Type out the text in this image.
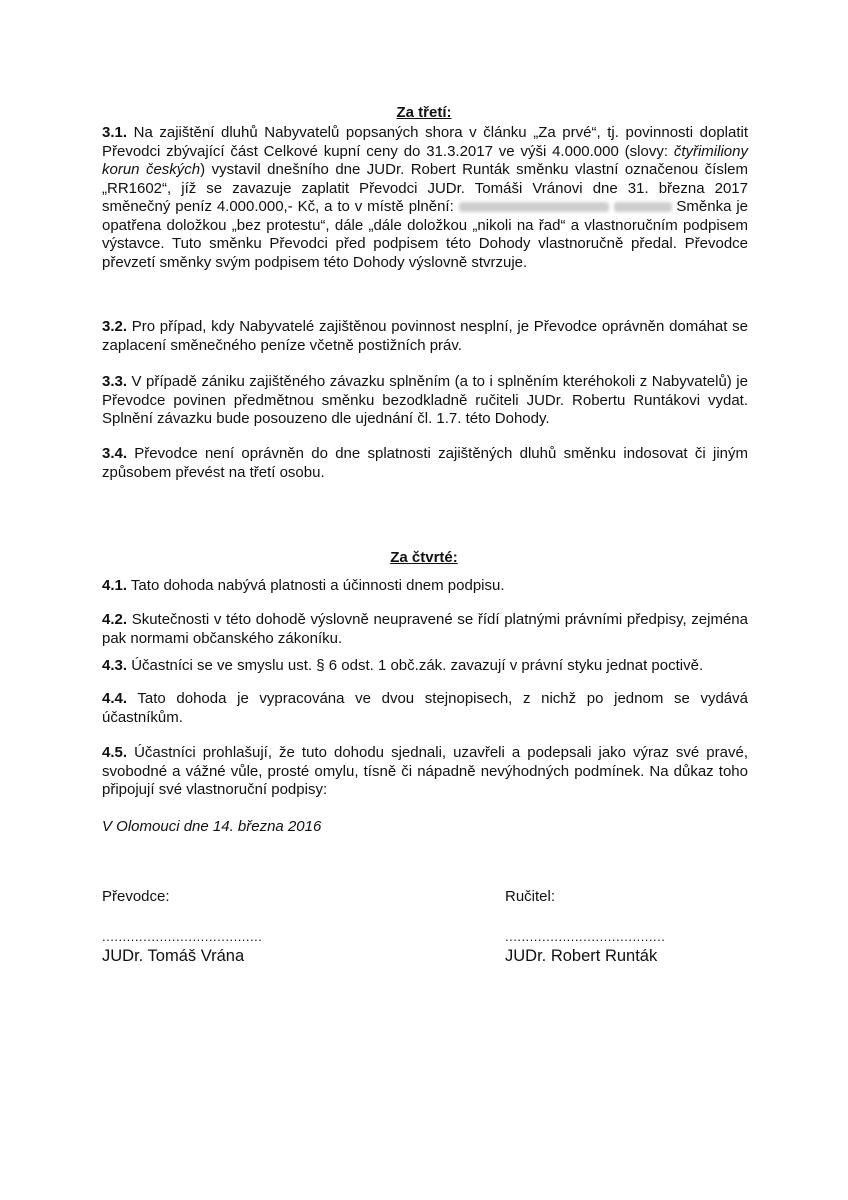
Za třetí:

3.1. Na zajištění dluhů Nabyvatelů popsaných shora v článku „Za prvé“, tj. povinnosti doplatit Převodci zbývající část Celkové kupní ceny do 31.3.2017 ve výši 4.000.000 (slovy: čtyřimiliony korun českých) vystavil dnešního dne JUDr. Robert Runták směnku vlastní označenou číslem „RR1602“, jíž se zavazuje zaplatit Převodci JUDr. Tomáši Vránovi dne 31. března 2017 směnečný peníz 4.000.000,- Kč, a to v místě plnění:	Směnka je opatřena doložkou „bez protestu“, dále „dále doložkou „nikoli na řad“ a vlastnoručním podpisem výstavce. Tuto směnku Převodci před podpisem této Dohody vlastnoručně předal. Převodce převzetí směnky svým podpisem této Dohody výslovně stvrzuje.

3.2. Pro případ, kdy Nabyvatelé zajištěnou povinnost nesplní, je Převodce oprávněn domáhat se zaplacení směnečného peníze včetně postižních práv.

3.3. V případě zániku zajištěného závazku splněním (a to i splněním kteréhokoli z Nabyvatelů) je Převodce povinen předmětnou směnku bezodkladně ručiteli JUDr. Robertu Runtákovi vydat. Splnění závazku bude posouzeno dle ujednání čl. 1.7. této Dohody.

3.4. Převodce není oprávněn do dne splatnosti zajištěných dluhů směnku indosovat či jiným způsobem převést na třetí osobu.

Za čtvrté:

4.1. Tato dohoda nabývá platnosti a účinnosti dnem podpisu.

4.2. Skutečnosti v této dohodě výslovně neupravené se řídí platnými právními předpisy, zejména pak normami občanského zákoníku.

4.3. Účastníci se ve smyslu ust. § 6 odst. 1 obč.zák. zavazují v právní styku jednat poctivě.

4.4. Tato dohoda je vypracována ve dvou stejnopisech, z nichž po jednom se vydává účastníkům.

4.5. Účastníci prohlašují, že tuto dohodu sjednali, uzavřeli a podepsali jako výraz své pravé, svobodné a vážné vůle, prosté omylu, tísně či nápadně nevýhodných podmínek. Na důkaz toho připojují své vlastnoruční podpisy:

V Olomouci dne 14. března 2016
Převodce:
.......................................
JUDr. Tomáš Vrána
Ručitel:
.......................................
JUDr. Robert Runták
